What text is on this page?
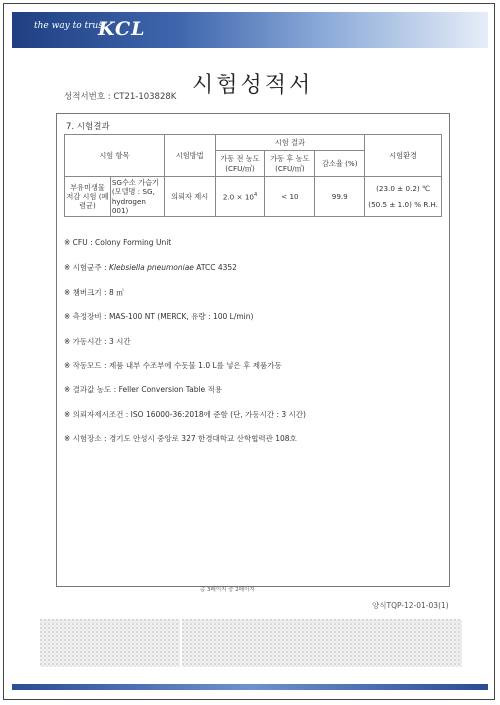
the way to trust
KCL
성적서번호 : CT21-103828K 시험성적서
7. 시험결과
시험 항목		시험방법	시험 결과			시험환경
			가동 전 농도 (CFU/㎥)	가동 후 농도 (CFU/㎥)	감소율 (%)	
부유미생물 저감 시험 (폐렴균)	SG수소 가습기 (모델명 : SG, hydrogen 001)	의뢰자 제시	$2.0 \times 10^4$	< 10	99.9	(23.0 ± 0.2) ℃
(50.5 ± 1.0) % R.H.
※ CFU : Colony Forming Unit
※ 시험균주 : Klebsiella pneumoniae ATCC 4352
※ 챔버크기 : 8 ㎥
※ 측정장비 : MAS-100 NT (MERCK, 유량 : 100 L/min)
※ 가동시간 : 3 시간
※ 작동모드 : 제품 내부 수조부에 수돗물 1.0 L를 넣은 후 제품가동
※ 결과값 농도 : Feller Conversion Table 적용
※ 의뢰자제시조건 : ISO 16000-36:2018에 준함 (단, 가동시간 : 3 시간)
※ 시험장소 : 경기도 안성시 중앙로 327 한경대학교 산학협력관 108호
총 3페이지 중 2페이지
양식TQP-12-01-03(1)
